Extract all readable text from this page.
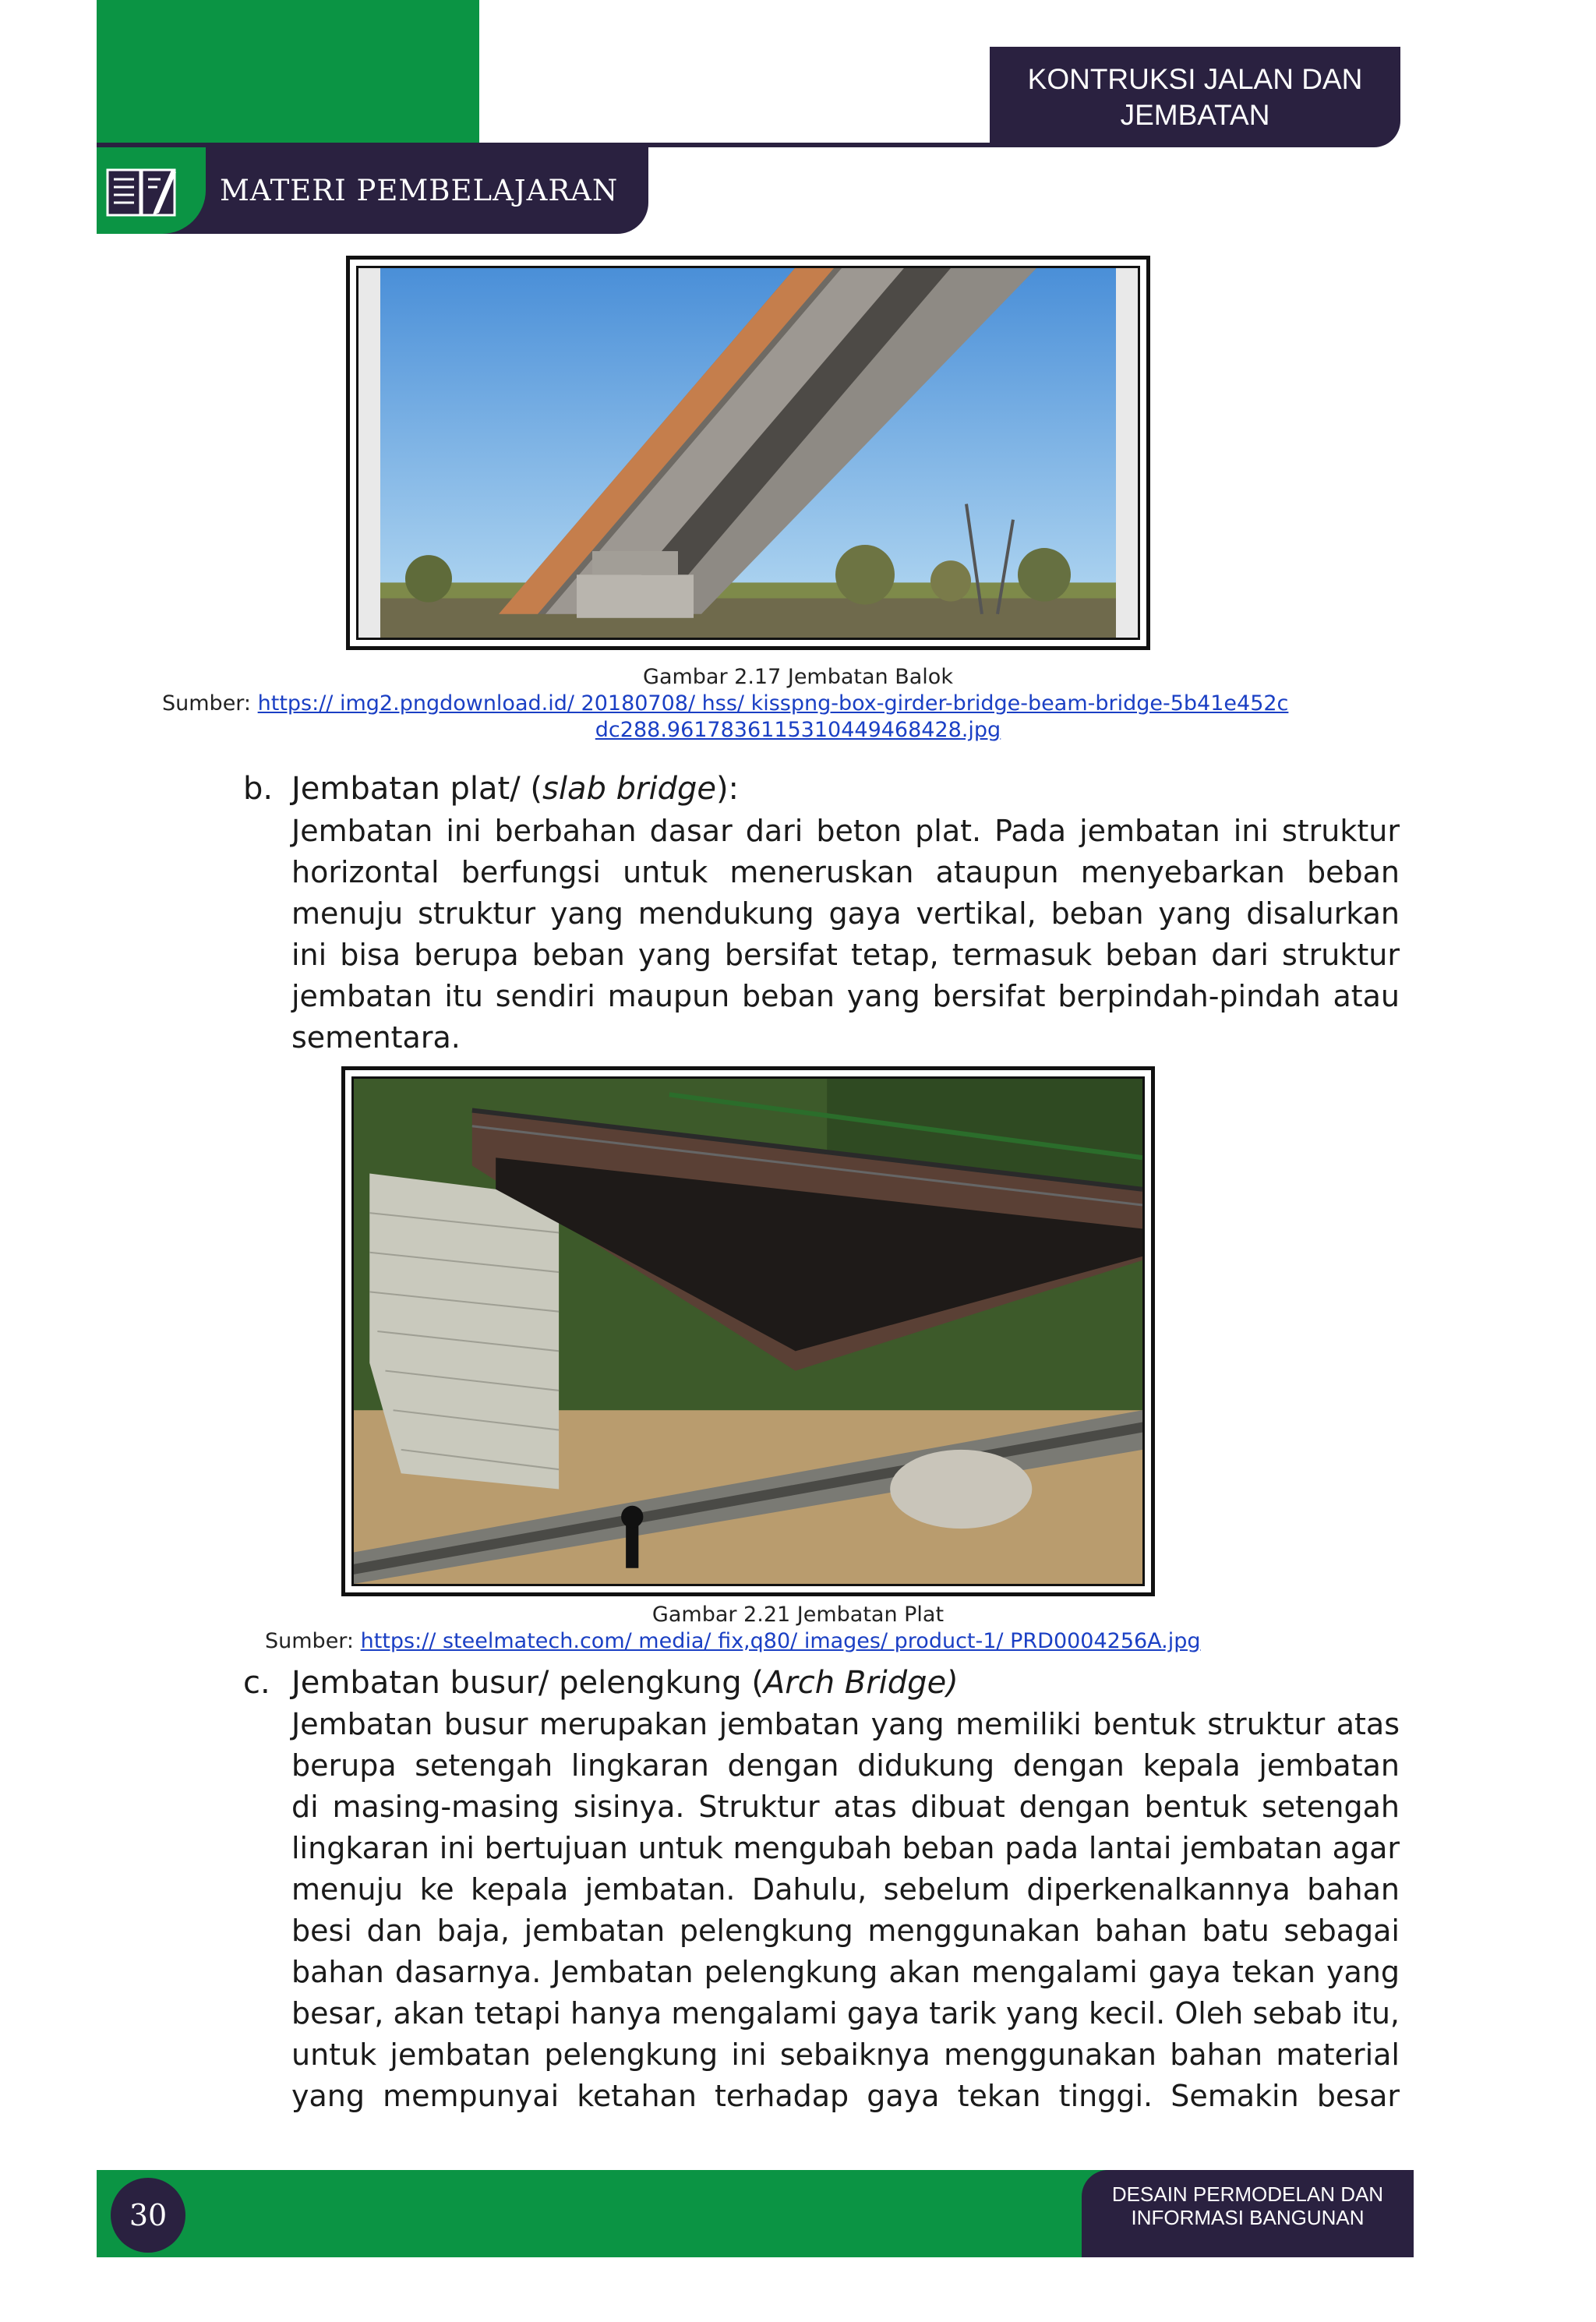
KONTRUKSI JALAN DAN
JEMBATAN
MATERI PEMBELAJARAN
Gambar 2.17 Jembatan Balok
Sumber: https:// img2.pngdownload.id/ 20180708/ hss/ kisspng-box-girder-bridge-beam-bridge-5b41e452c
dc288.9617836115310449468428.jpg
b. Jembatan plat/ (slab bridge):
Jembatan ini berbahan dasar dari beton plat. Pada jembatan ini struktur
horizontal berfungsi untuk meneruskan ataupun menyebarkan beban
menuju struktur yang mendukung gaya vertikal, beban yang disalurkan
ini bisa berupa beban yang bersifat tetap, termasuk beban dari struktur
jembatan itu sendiri maupun beban yang bersifat berpindah-pindah atau
sementara.
Gambar 2.21 Jembatan Plat
Sumber: https:// steelmatech.com/ media/ fix,q80/ images/ product-1/ PRD0004256A.jpg
c. Jembatan busur/ pelengkung (Arch Bridge)
Jembatan busur merupakan jembatan yang memiliki bentuk struktur atas
berupa setengah lingkaran dengan didukung dengan kepala jembatan
di masing-masing sisinya. Struktur atas dibuat dengan bentuk setengah
lingkaran ini bertujuan untuk mengubah beban pada lantai jembatan agar
menuju ke kepala jembatan. Dahulu, sebelum diperkenalkannya bahan
besi dan baja, jembatan pelengkung menggunakan bahan batu sebagai
bahan dasarnya. Jembatan pelengkung akan mengalami gaya tekan yang
besar, akan tetapi hanya mengalami gaya tarik yang kecil. Oleh sebab itu,
untuk jembatan pelengkung ini sebaiknya menggunakan bahan material
yang mempunyai ketahan terhadap gaya tekan tinggi. Semakin besar
DESAIN PERMODELAN DAN
INFORMASI BANGUNAN
30
